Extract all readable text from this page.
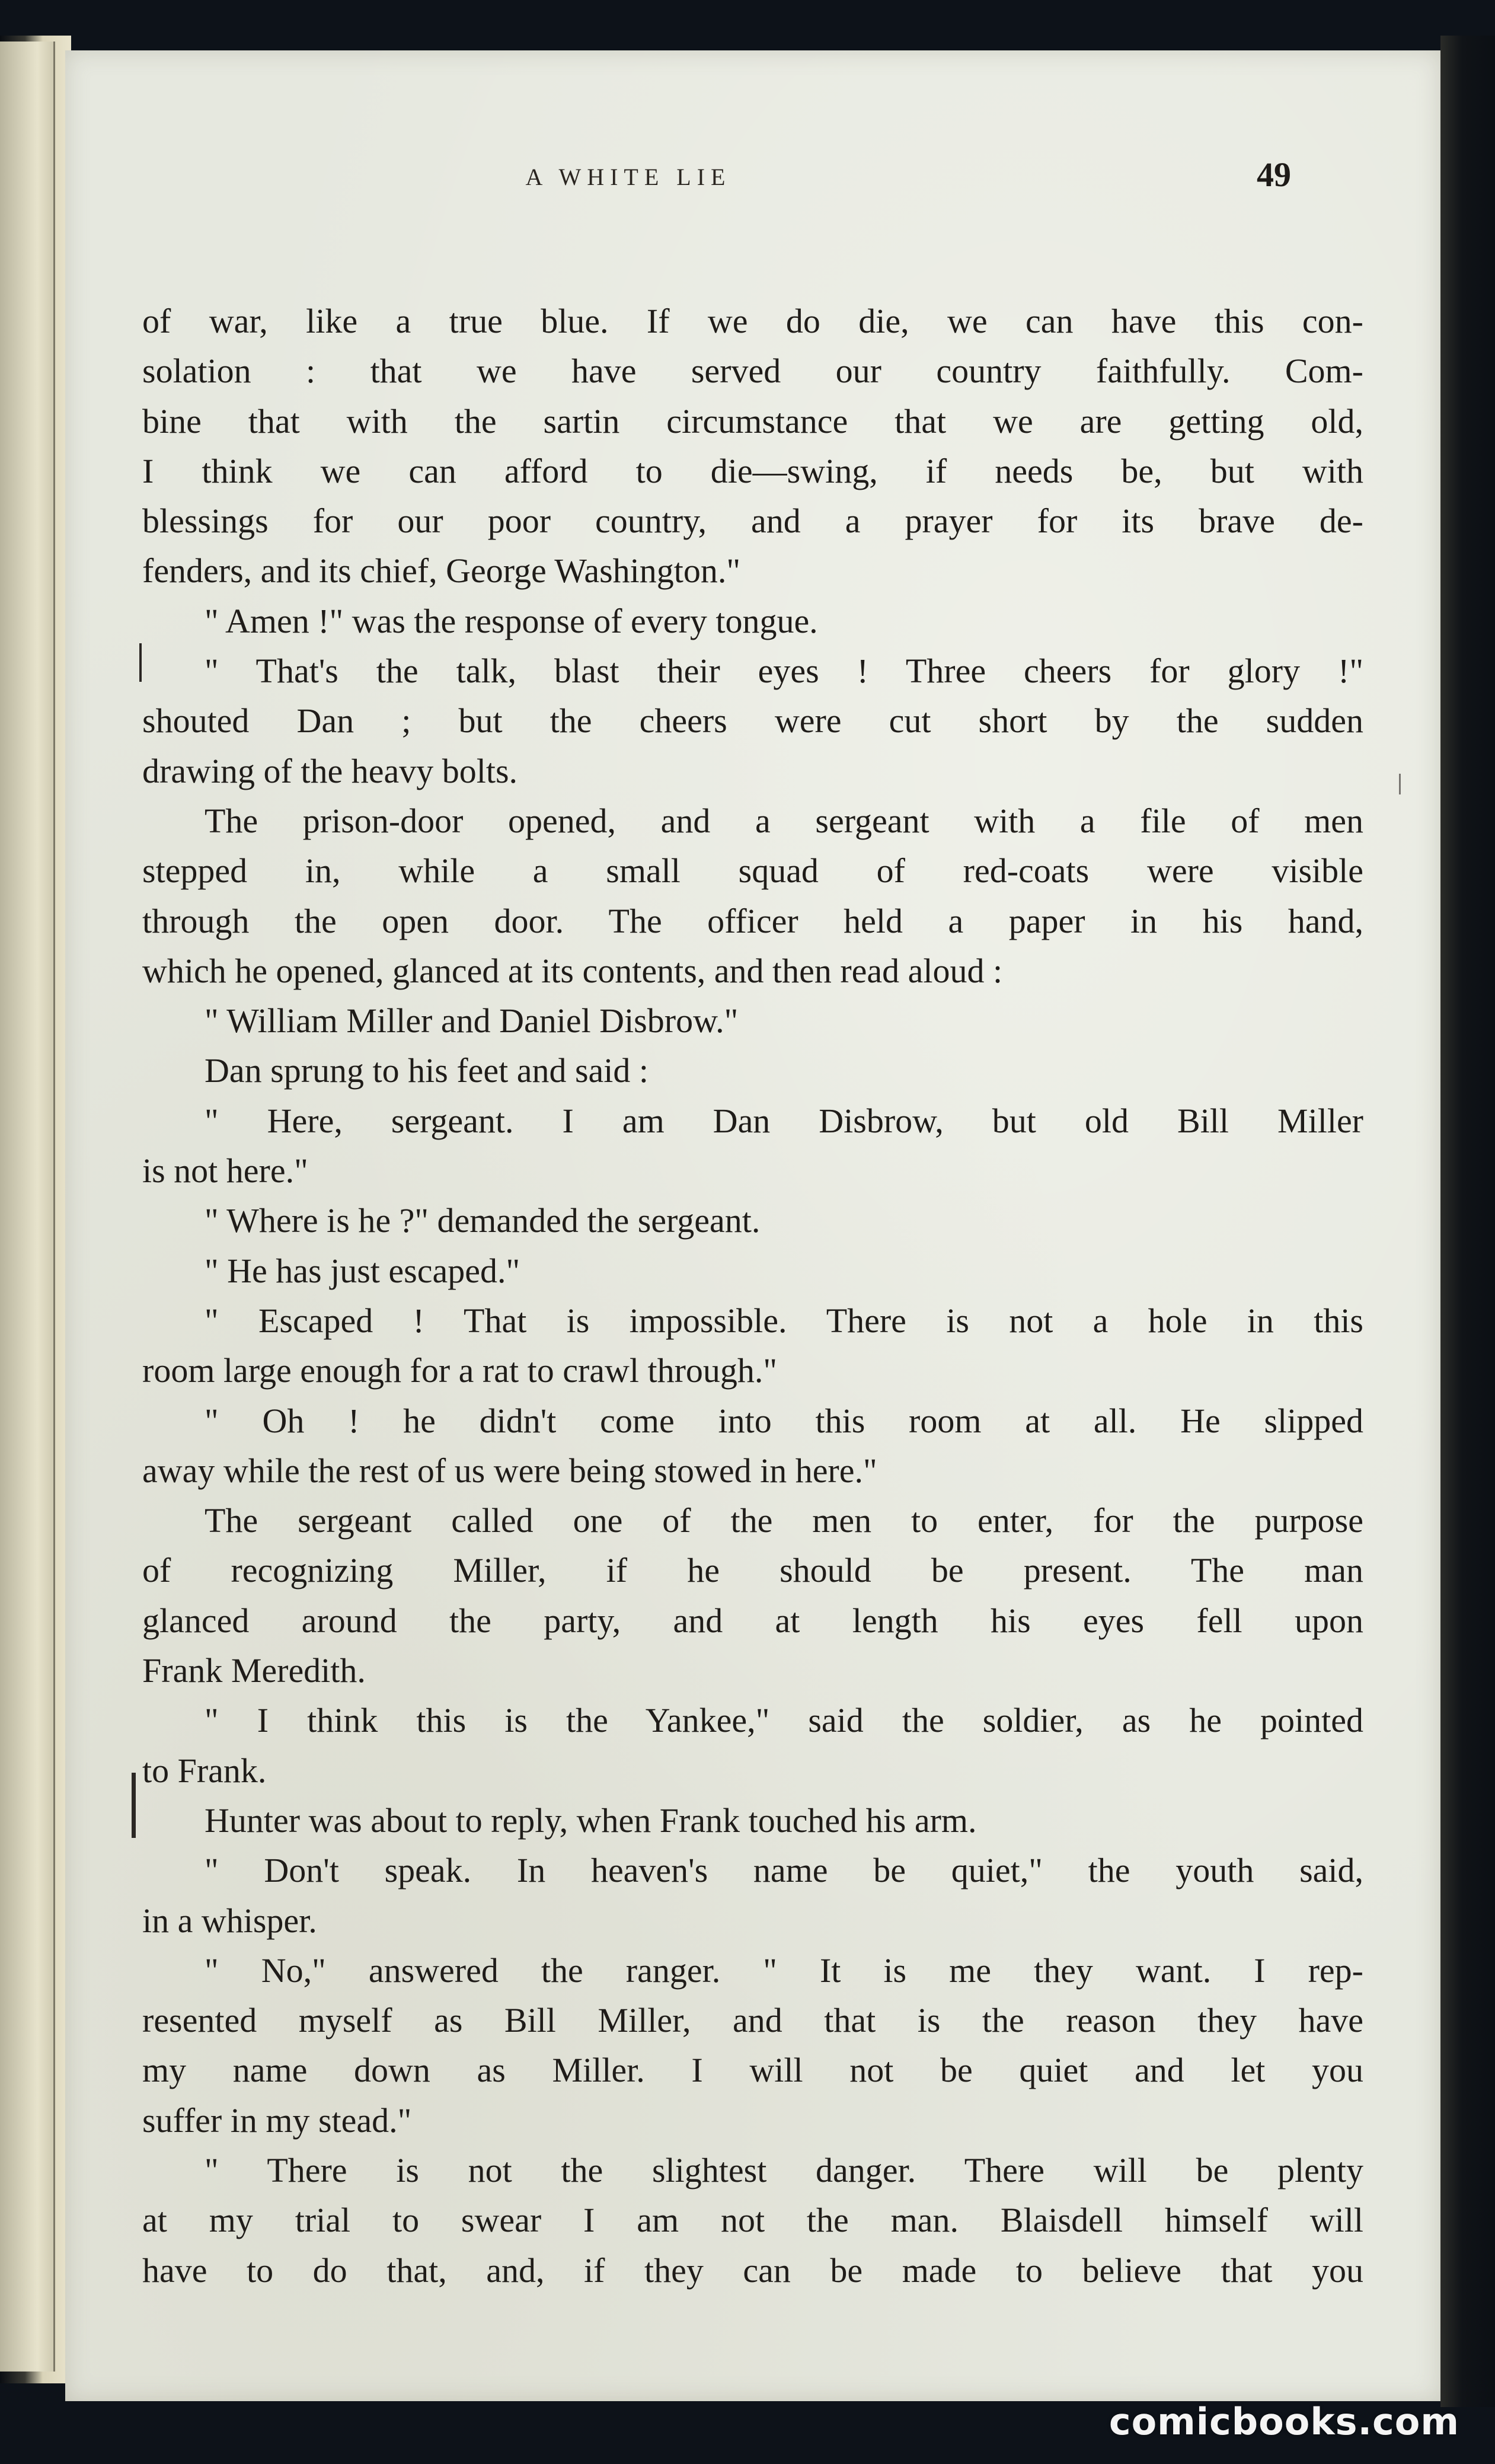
A WHITE LIE	49
of war, like a true blue. If we do die, we can have this con-
solation : that we have served our country faithfully. Com-
bine that with the sartin circumstance that we are getting old,
I think we can afford to die—swing, if needs be, but with
blessings for our poor country, and a prayer for its brave de-
fenders, and its chief, George Washington."
" Amen !" was the response of every tongue.
" That's the talk, blast their eyes ! Three cheers for glory !"
shouted Dan ; but the cheers were cut short by the sudden
drawing of the heavy bolts.
The prison-door opened, and a sergeant with a file of men
stepped in, while a small squad of red-coats were visible
through the open door. The officer held a paper in his hand,
which he opened, glanced at its contents, and then read aloud :
" William Miller and Daniel Disbrow."
Dan sprung to his feet and said :
" Here, sergeant. I am Dan Disbrow, but old Bill Miller
is not here."
" Where is he ?" demanded the sergeant.
" He has just escaped."
" Escaped ! That is impossible. There is not a hole in this
room large enough for a rat to crawl through."
" Oh ! he didn't come into this room at all. He slipped
away while the rest of us were being stowed in here."
The sergeant called one of the men to enter, for the purpose
of recognizing Miller, if he should be present. The man
glanced around the party, and at length his eyes fell upon
Frank Meredith.
" I think this is the Yankee," said the soldier, as he pointed
to Frank.
Hunter was about to reply, when Frank touched his arm.
" Don't speak. In heaven's name be quiet," the youth said,
in a whisper.
" No," answered the ranger. " It is me they want. I rep-
resented myself as Bill Miller, and that is the reason they have
my name down as Miller. I will not be quiet and let you
suffer in my stead."
" There is not the slightest danger. There will be plenty
at my trial to swear I am not the man. Blaisdell himself will
have to do that, and, if they can be made to believe that you
comicbooks.com
